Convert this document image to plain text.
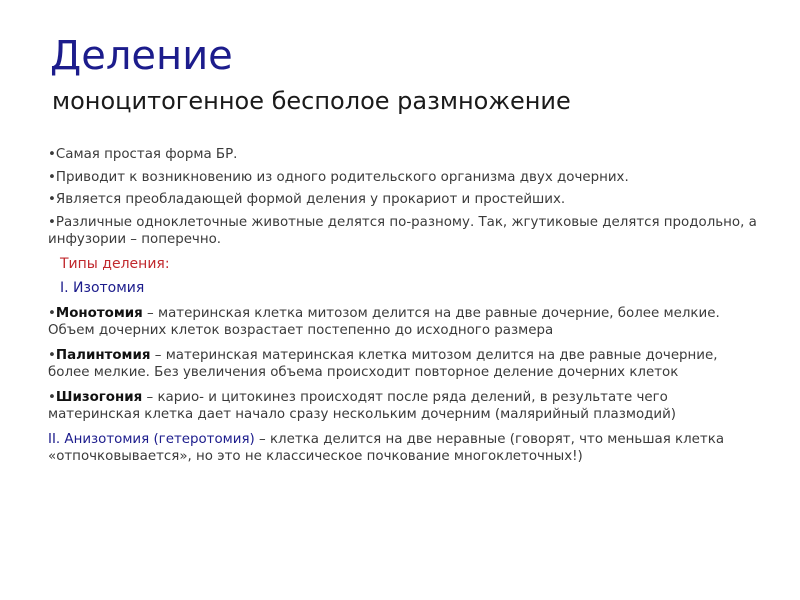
Деление
моноцитогенное бесполое размножение

•Самая простая форма БР.

•Приводит к возникновению из одного родительского организма двух дочерних.

•Является преобладающей формой деления у прокариот и простейших.

•Различные одноклеточные животные делятся по-разному. Так, жгутиковые делятся продольно, а инфузории – поперечно.

Типы деления:

I. Изотомия

•Монотомия – материнская клетка митозом делится на две равные дочерние, более мелкие. Объем дочерних клеток возрастает постепенно до исходного размера

•Палинтомия – материнская материнская клетка митозом делится на две равные дочерние, более мелкие. Без увеличения объема происходит повторное деление дочерних клеток

•Шизогония – карио- и цитокинез происходят после ряда делений, в результате чего материнская клетка дает начало сразу нескольким дочерним (малярийный плазмодий)

II. Анизотомия (гетеротомия) – клетка делится на две неравные (говорят, что меньшая клетка «отпочковывается», но это не классическое почкование многоклеточных!)
